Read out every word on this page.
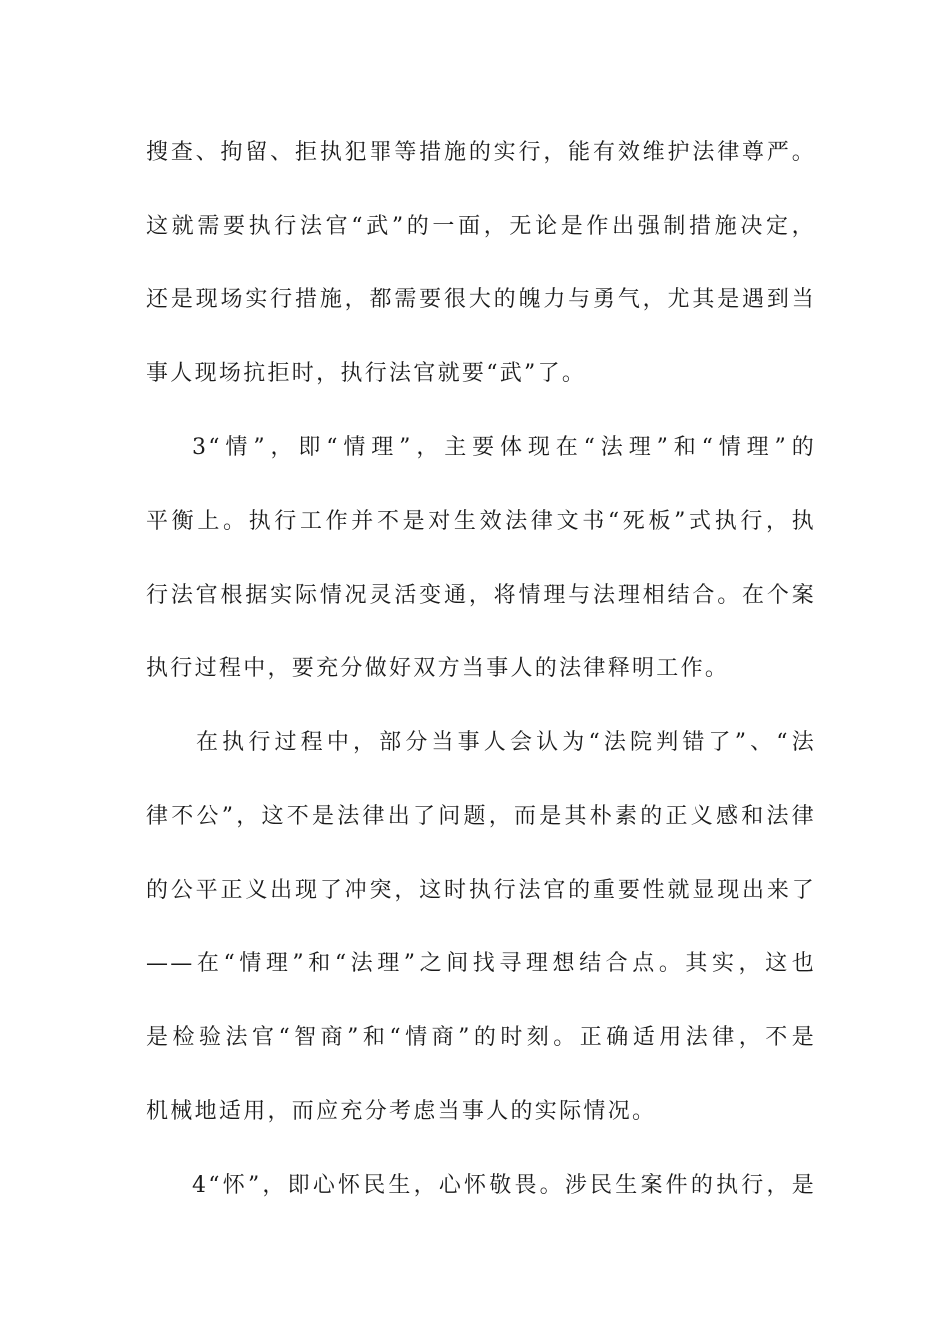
搜查、拘留、拒执犯罪等措施的实行，能有效维护法律尊严。
这就需要执行法官“武”的一面，无论是作出强制措施决定，
还是现场实行措施，都需要很大的魄力与勇气，尤其是遇到当
事人现场抗拒时，执行法官就要“武”了。
3“情”，即“情理”，主要体现在“法理”和“情理”的
平衡上。执行工作并不是对生效法律文书“死板”式执行，执
行法官根据实际情况灵活变通，将情理与法理相结合。在个案
执行过程中，要充分做好双方当事人的法律释明工作。
在执行过程中，部分当事人会认为“法院判错了”、“法
律不公”，这不是法律出了问题，而是其朴素的正义感和法律
的公平正义出现了冲突，这时执行法官的重要性就显现出来了
——在“情理”和“法理”之间找寻理想结合点。其实，这也
是检验法官“智商”和“情商”的时刻。正确适用法律，不是
机械地适用，而应充分考虑当事人的实际情况。
4“怀”，即心怀民生，心怀敬畏。涉民生案件的执行，是
